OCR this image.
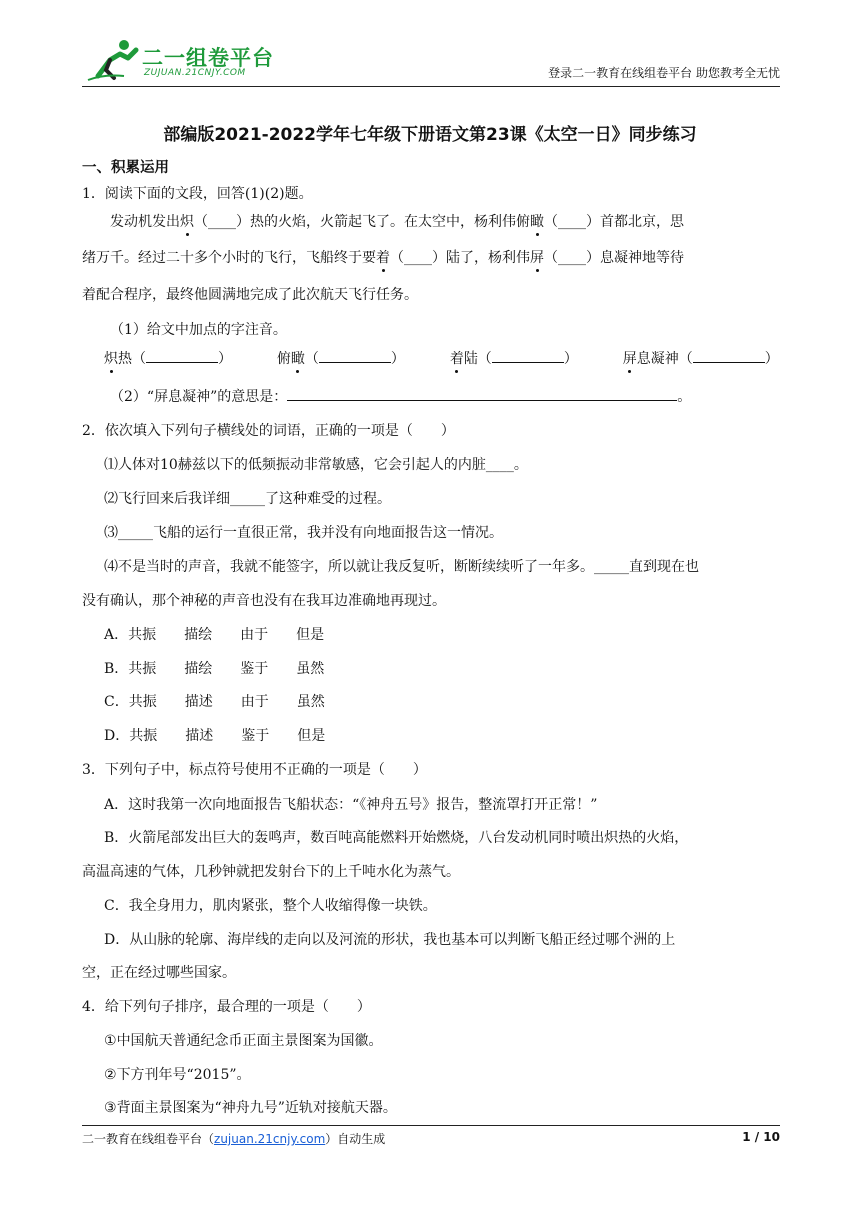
二一组卷平台
ZUJUAN.21CNJY.COM	登录二一教育在线组卷平台 助您教考全无忧
部编版2021-2022学年七年级下册语文第23课《太空一日》同步练习
一、积累运用
1．阅读下面的文段，回答(1)(2)题。
发动机发出炽（____）热的火焰，火箭起飞了。在太空中，杨利伟俯瞰（____）首都北京，思
绪万千。经过二十多个小时的飞行，飞船终于要着（____）陆了，杨利伟屏（____）息凝神地等待
着配合程序，最终他圆满地完成了此次航天飞行任务。
（1）给文中加点的字注音。
炽热（	）	俯瞰（	）	着陆（	）	屏息凝神（	）
（2）“屏息凝神”的意思是：	。
2．依次填入下列句子横线处的词语，正确的一项是（　　）
⑴人体对10赫兹以下的低频振动非常敏感，它会引起人的内脏____。
⑵飞行回来后我详细_____了这种难受的过程。
⑶_____飞船的运行一直很正常，我并没有向地面报告这一情况。
⑷不是当时的声音，我就不能签字，所以就让我反复听，断断续续听了一年多。_____直到现在也
没有确认，那个神秘的声音也没有在我耳边准确地再现过。
A．共振　　描绘　　由于　　但是
B．共振　　描绘　　鉴于　　虽然
C．共振　　描述　　由于　　虽然
D．共振　　描述　　鉴于　　但是
3．下列句子中，标点符号使用不正确的一项是（　　）
A．这时我第一次向地面报告飞船状态：“《神舟五号》报告，整流罩打开正常！”
B．火箭尾部发出巨大的轰鸣声，数百吨高能燃料开始燃烧，八台发动机同时喷出炽热的火焰，
高温高速的气体，几秒钟就把发射台下的上千吨水化为蒸气。
C．我全身用力，肌肉紧张，整个人收缩得像一块铁。
D．从山脉的轮廓、海岸线的走向以及河流的形状，我也基本可以判断飞船正经过哪个洲的上
空，正在经过哪些国家。
4．给下列句子排序，最合理的一项是（　　）
①中国航天普通纪念币正面主景图案为国徽。
②下方刊年号“2015”。
③背面主景图案为“神舟九号”近轨对接航天器。
二一教育在线组卷平台（zujuan.21cnjy.com）自动生成	1 / 10
